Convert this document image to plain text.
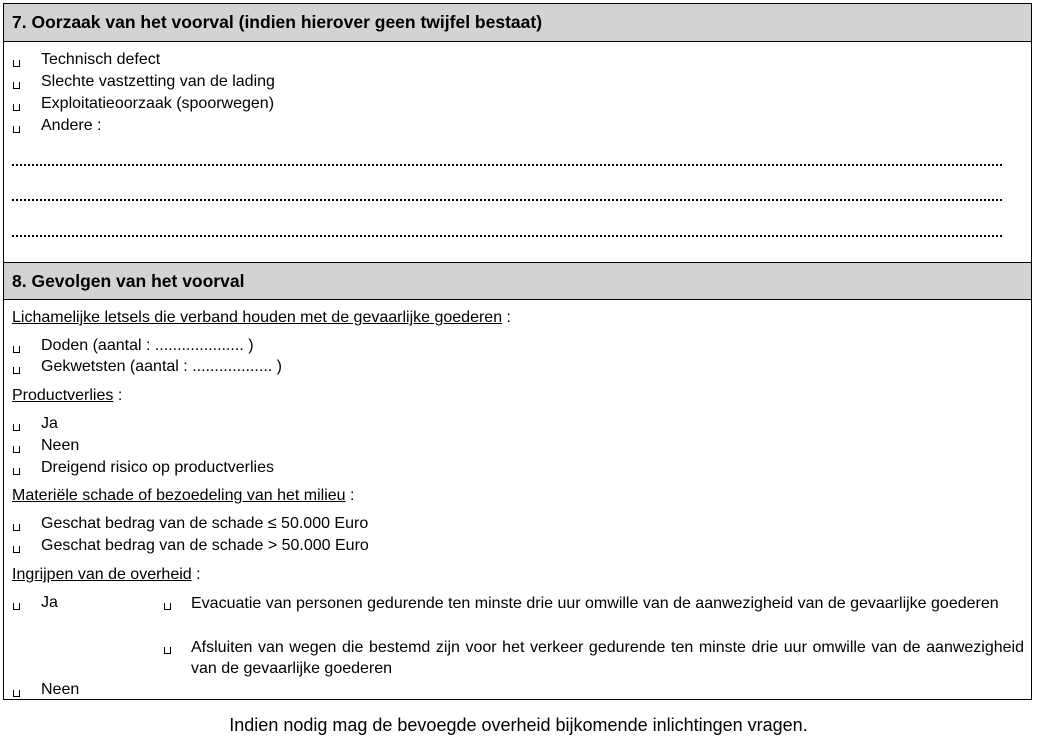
7. Oorzaak van het voorval (indien hierover geen twijfel bestaat)
Technisch defect
Slechte vastzetting van de lading
Exploitatieoorzaak (spoorwegen)
Andere :
8. Gevolgen van het voorval
Lichamelijke letsels die verband houden met de gevaarlijke goederen :
Doden (aantal : .................... )
Gekwetsten (aantal : .................. )
Productverlies :
Ja
Neen
Dreigend risico op productverlies
Materiële schade of bezoedeling van het milieu :
Geschat bedrag van de schade ≤ 50.000 Euro
Geschat bedrag van de schade > 50.000 Euro
Ingrijpen van de overheid :
Ja	Evacuatie van personen gedurende ten minste drie uur omwille van de aanwezigheid van de gevaarlijke goederen
Afsluiten van wegen die bestemd zijn voor het verkeer gedurende ten minste drie uur omwille van de aanwezigheid van de gevaarlijke goederen
Neen
Indien nodig mag de bevoegde overheid bijkomende inlichtingen vragen.
